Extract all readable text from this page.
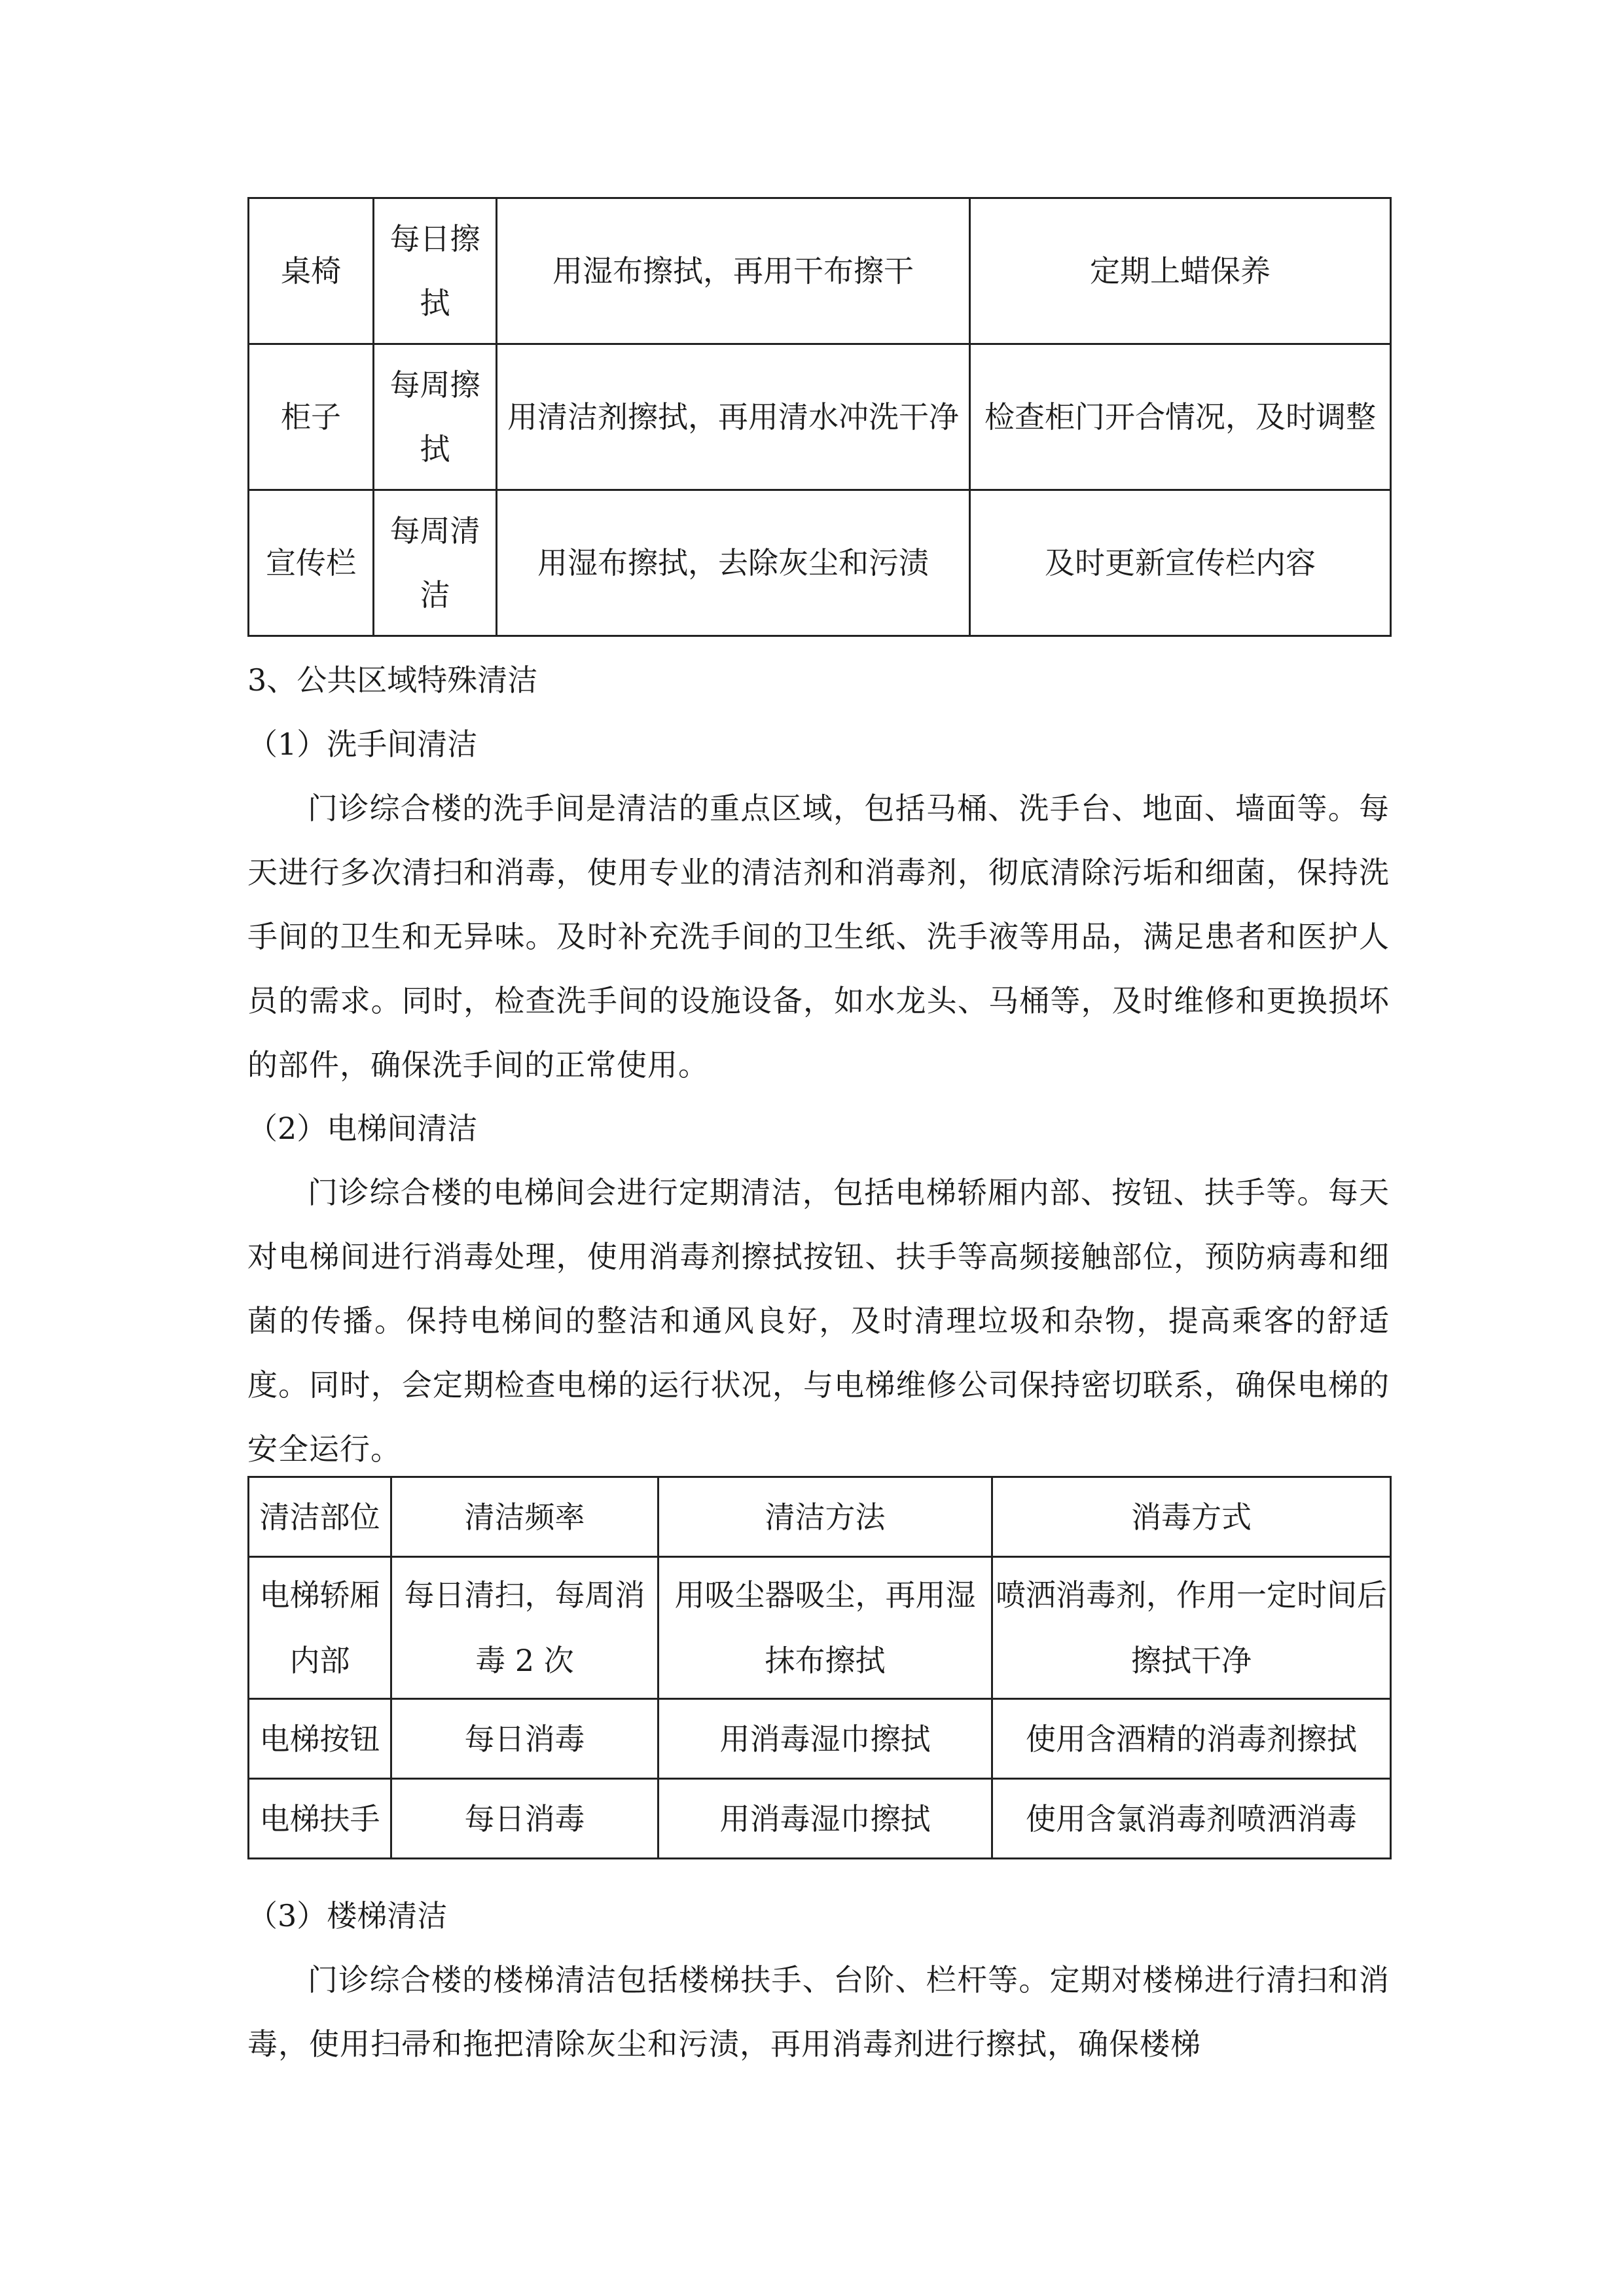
桌椅	每日擦拭	用湿布擦拭，再用干布擦干	定期上蜡保养
柜子	每周擦拭	用清洁剂擦拭，再用清水冲洗干净	检查柜门开合情况，及时调整
宣传栏	每周清洁	用湿布擦拭，去除灰尘和污渍	及时更新宣传栏内容
3、公共区域特殊清洁
（1）洗手间清洁
门诊综合楼的洗手间是清洁的重点区域，包括马桶、洗手台、地面、墙面等。每天进行多次清扫和消毒，使用专业的清洁剂和消毒剂，彻底清除污垢和细菌，保持洗手间的卫生和无异味。及时补充洗手间的卫生纸、洗手液等用品，满足患者和医护人员的需求。同时，检查洗手间的设施设备，如水龙头、马桶等，及时维修和更换损坏的部件，确保洗手间的正常使用。
（2）电梯间清洁
门诊综合楼的电梯间会进行定期清洁，包括电梯轿厢内部、按钮、扶手等。每天对电梯间进行消毒处理，使用消毒剂擦拭按钮、扶手等高频接触部位，预防病毒和细菌的传播。保持电梯间的整洁和通风良好，及时清理垃圾和杂物，提高乘客的舒适度。同时，会定期检查电梯的运行状况，与电梯维修公司保持密切联系，确保电梯的安全运行。
清洁部位	清洁频率	清洁方法	消毒方式
电梯轿厢内部	每日清扫，每周消毒 2 次	用吸尘器吸尘，再用湿抹布擦拭	喷洒消毒剂，作用一定时间后擦拭干净
电梯按钮	每日消毒	用消毒湿巾擦拭	使用含酒精的消毒剂擦拭
电梯扶手	每日消毒	用消毒湿巾擦拭	使用含氯消毒剂喷洒消毒
（3）楼梯清洁
门诊综合楼的楼梯清洁包括楼梯扶手、台阶、栏杆等。定期对楼梯进行清扫和消毒，使用扫帚和拖把清除灰尘和污渍，再用消毒剂进行擦拭，确保楼梯
